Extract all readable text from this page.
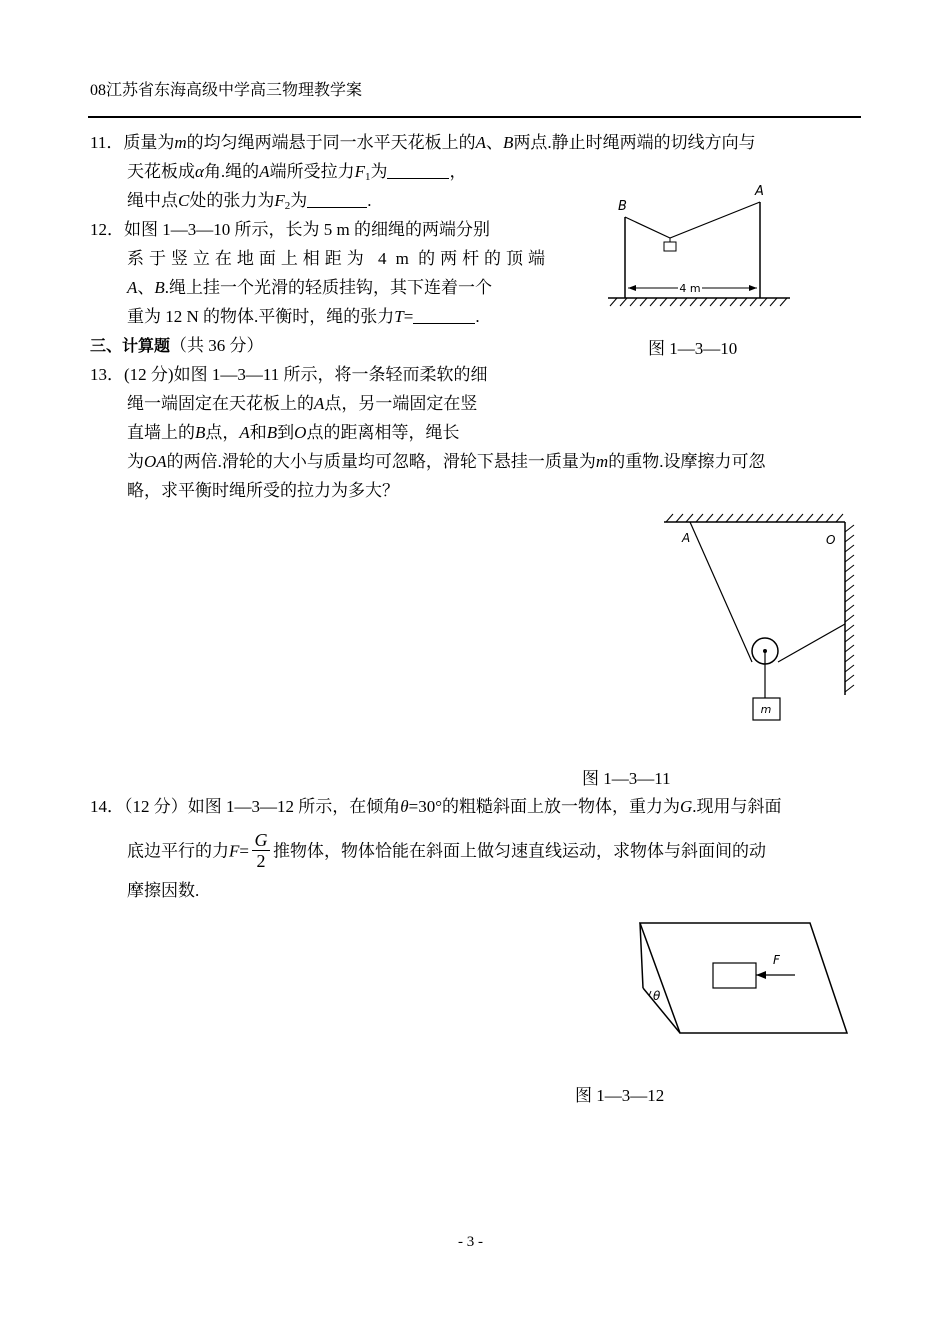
08江苏省东海高级中学高三物理教学案
11．质量为m的均匀绳两端悬于同一水平天花板上的A、B两点.静止时绳两端的切线方向与
天花板成α角.绳的A端所受拉力$F_1$为	，
绳中点C处的张力为$F_2$为	.
12．如图 1—3—10 所示，长为 5 m 的细绳的两端分别
系于竖立在地面上相距为 4 m 的两杆的顶端
A、B.绳上挂一个光滑的轻质挂钩，其下连着一个
重为 12 N 的物体.平衡时，绳的张力T=	.
三、计算题（共 36 分）
4 m
B
A
图 1—3—10
13．(12 分)如图 1—3—11 所示，将一条轻而柔软的细
绳一端固定在天花板上的A点，另一端固定在竖
直墙上的B点，A和B到O点的距离相等，绳长
为OA的两倍.滑轮的大小与质量均可忽略，滑轮下悬挂一质量为m的重物.设摩擦力可忽
略，求平衡时绳所受的拉力为多大？
m
A	O
图 1—3—11
14．（12 分）如图 1—3—12 所示，在倾角θ=30°的粗糙斜面上放一物体，重力为G.现用与斜面
底边平行的力$F= \frac{G}{2}$ 推物体，物体恰能在斜面上做匀速直线运动，求物体与斜面间的动
摩擦因数.
θ
F
图 1—3—12
- 3 -
